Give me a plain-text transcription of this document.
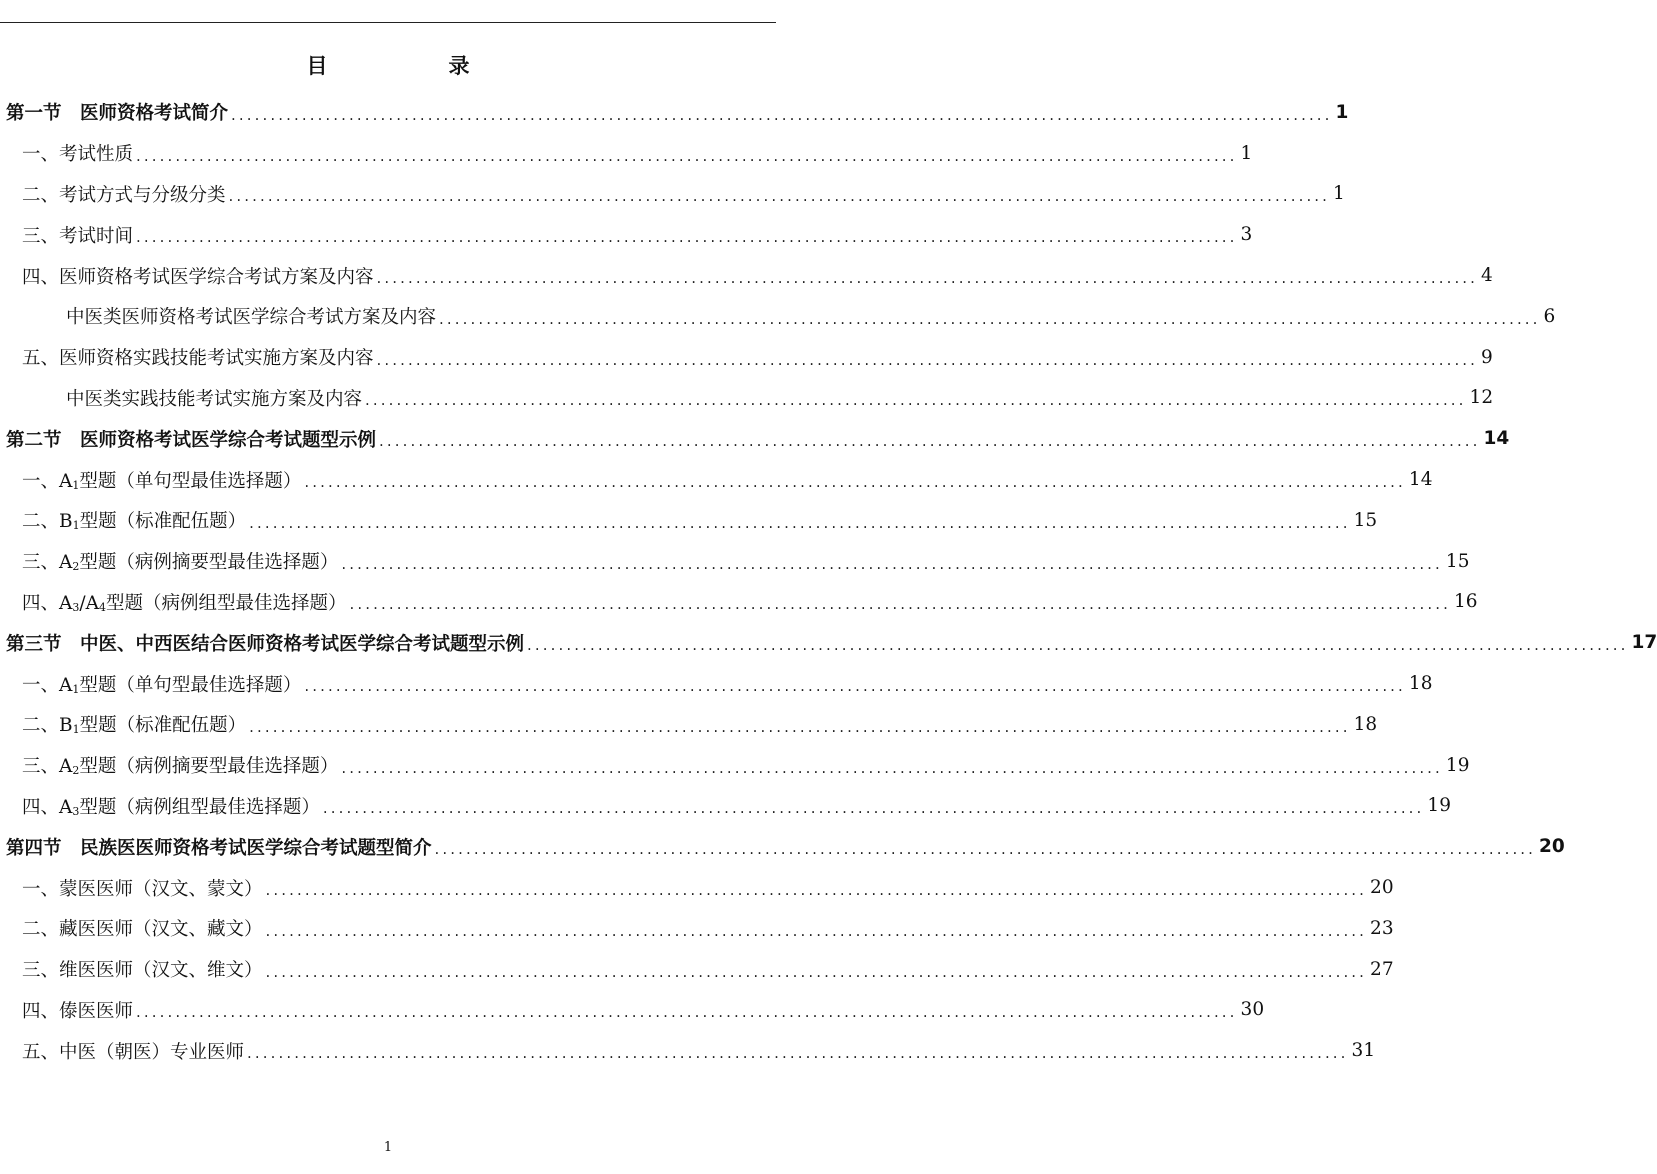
目　录
第一节　医师资格考试简介 ............................................................................................................................................ 1
一、考试性质 ............................................................................................................................................ 1
二、考试方式与分级分类 ............................................................................................................................................ 1
三、考试时间 ............................................................................................................................................ 3
四、医师资格考试医学综合考试方案及内容 ............................................................................................................................................ 4
中医类医师资格考试医学综合考试方案及内容 ............................................................................................................................................ 6
五、医师资格实践技能考试实施方案及内容 ............................................................................................................................................ 9
中医类实践技能考试实施方案及内容 ............................................................................................................................................ 12
第二节　医师资格考试医学综合考试题型示例 ............................................................................................................................................ 14
一、$A_1$型题（单句型最佳选择题） ............................................................................................................................................ 14
二、$B_1$型题（标准配伍题） ............................................................................................................................................ 15
三、$A_2$型题（病例摘要型最佳选择题） ............................................................................................................................................ 15
四、$A_3/A_4$型题（病例组型最佳选择题） ............................................................................................................................................ 16
第三节　中医、中西医结合医师资格考试医学综合考试题型示例 ............................................................................................................................................ 17
一、$A_1$型题（单句型最佳选择题） ............................................................................................................................................ 18
二、$B_1$型题（标准配伍题） ............................................................................................................................................ 18
三、$A_2$型题（病例摘要型最佳选择题） ............................................................................................................................................ 19
四、$A_3$型题（病例组型最佳选择题） ............................................................................................................................................ 19
第四节　民族医医师资格考试医学综合考试题型简介 ............................................................................................................................................ 20
一、蒙医医师（汉文、蒙文） ............................................................................................................................................ 20
二、藏医医师（汉文、藏文） ............................................................................................................................................ 23
三、维医医师（汉文、维文） ............................................................................................................................................ 27
四、傣医医师 ............................................................................................................................................ 30
五、中医（朝医）专业医师 ............................................................................................................................................ 31
1
